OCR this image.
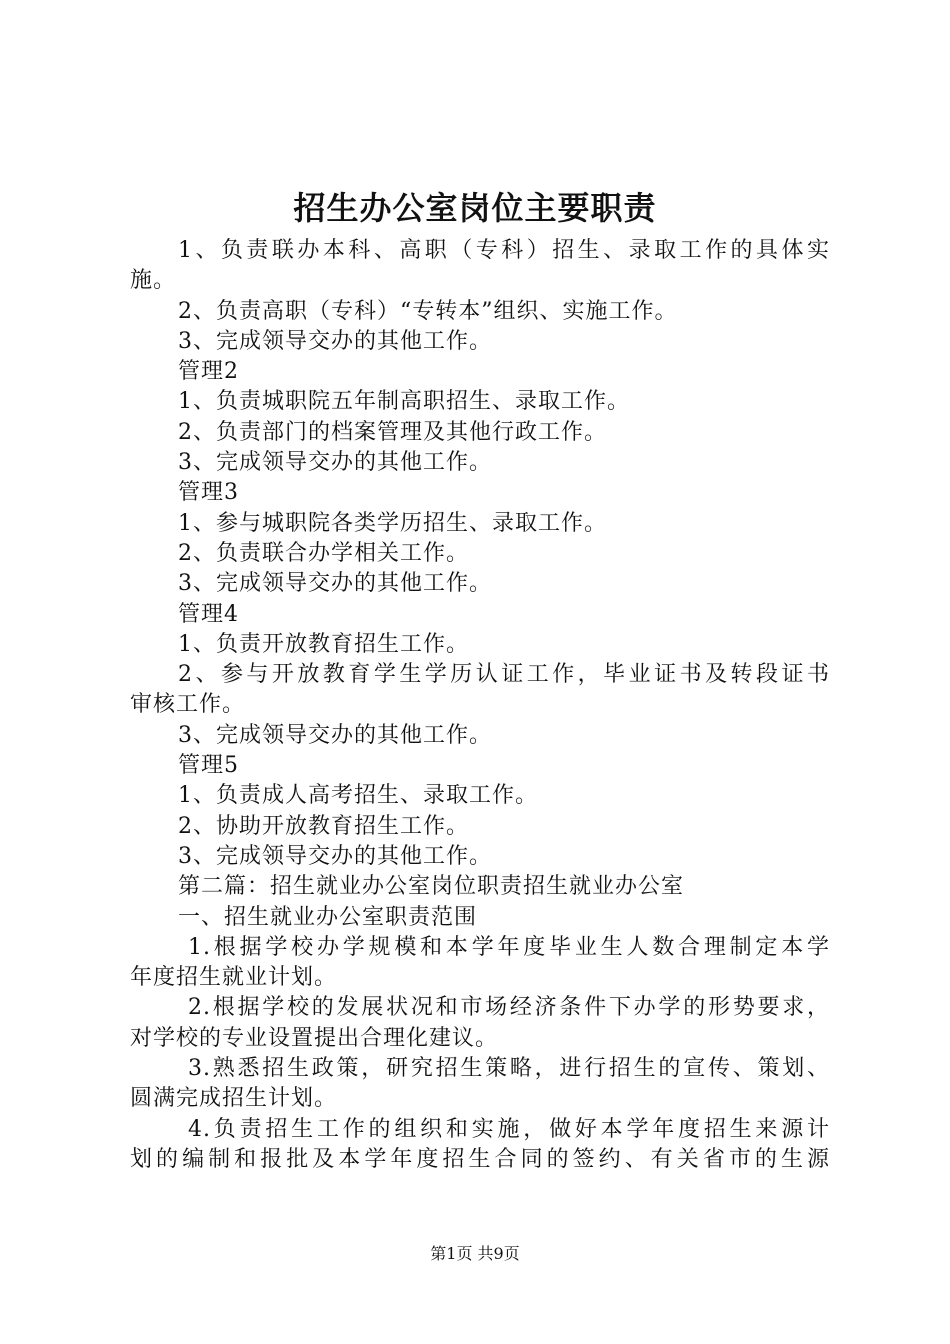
招生办公室岗位主要职责
1、负责联办本科、高职（专科）招生、录取工作的具体实
施。
2、负责高职（专科）“专转本”组织、实施工作。
3、完成领导交办的其他工作。
管理2
1、负责城职院五年制高职招生、录取工作。
2、负责部门的档案管理及其他行政工作。
3、完成领导交办的其他工作。
管理3
1、参与城职院各类学历招生、录取工作。
2、负责联合办学相关工作。
3、完成领导交办的其他工作。
管理4
1、负责开放教育招生工作。
2、参与开放教育学生学历认证工作，毕业证书及转段证书
审核工作。
3、完成领导交办的其他工作。
管理5
1、负责成人高考招生、录取工作。
2、协助开放教育招生工作。
3、完成领导交办的其他工作。
第二篇：招生就业办公室岗位职责招生就业办公室
一、招生就业办公室职责范围
1.根据学校办学规模和本学年度毕业生人数合理制定本学
年度招生就业计划。
2.根据学校的发展状况和市场经济条件下办学的形势要求，
对学校的专业设置提出合理化建议。
3.熟悉招生政策，研究招生策略，进行招生的宣传、策划、
圆满完成招生计划。
4.负责招生工作的组织和实施，做好本学年度招生来源计
划的编制和报批及本学年度招生合同的签约、有关省市的生源
第1页 共9页
